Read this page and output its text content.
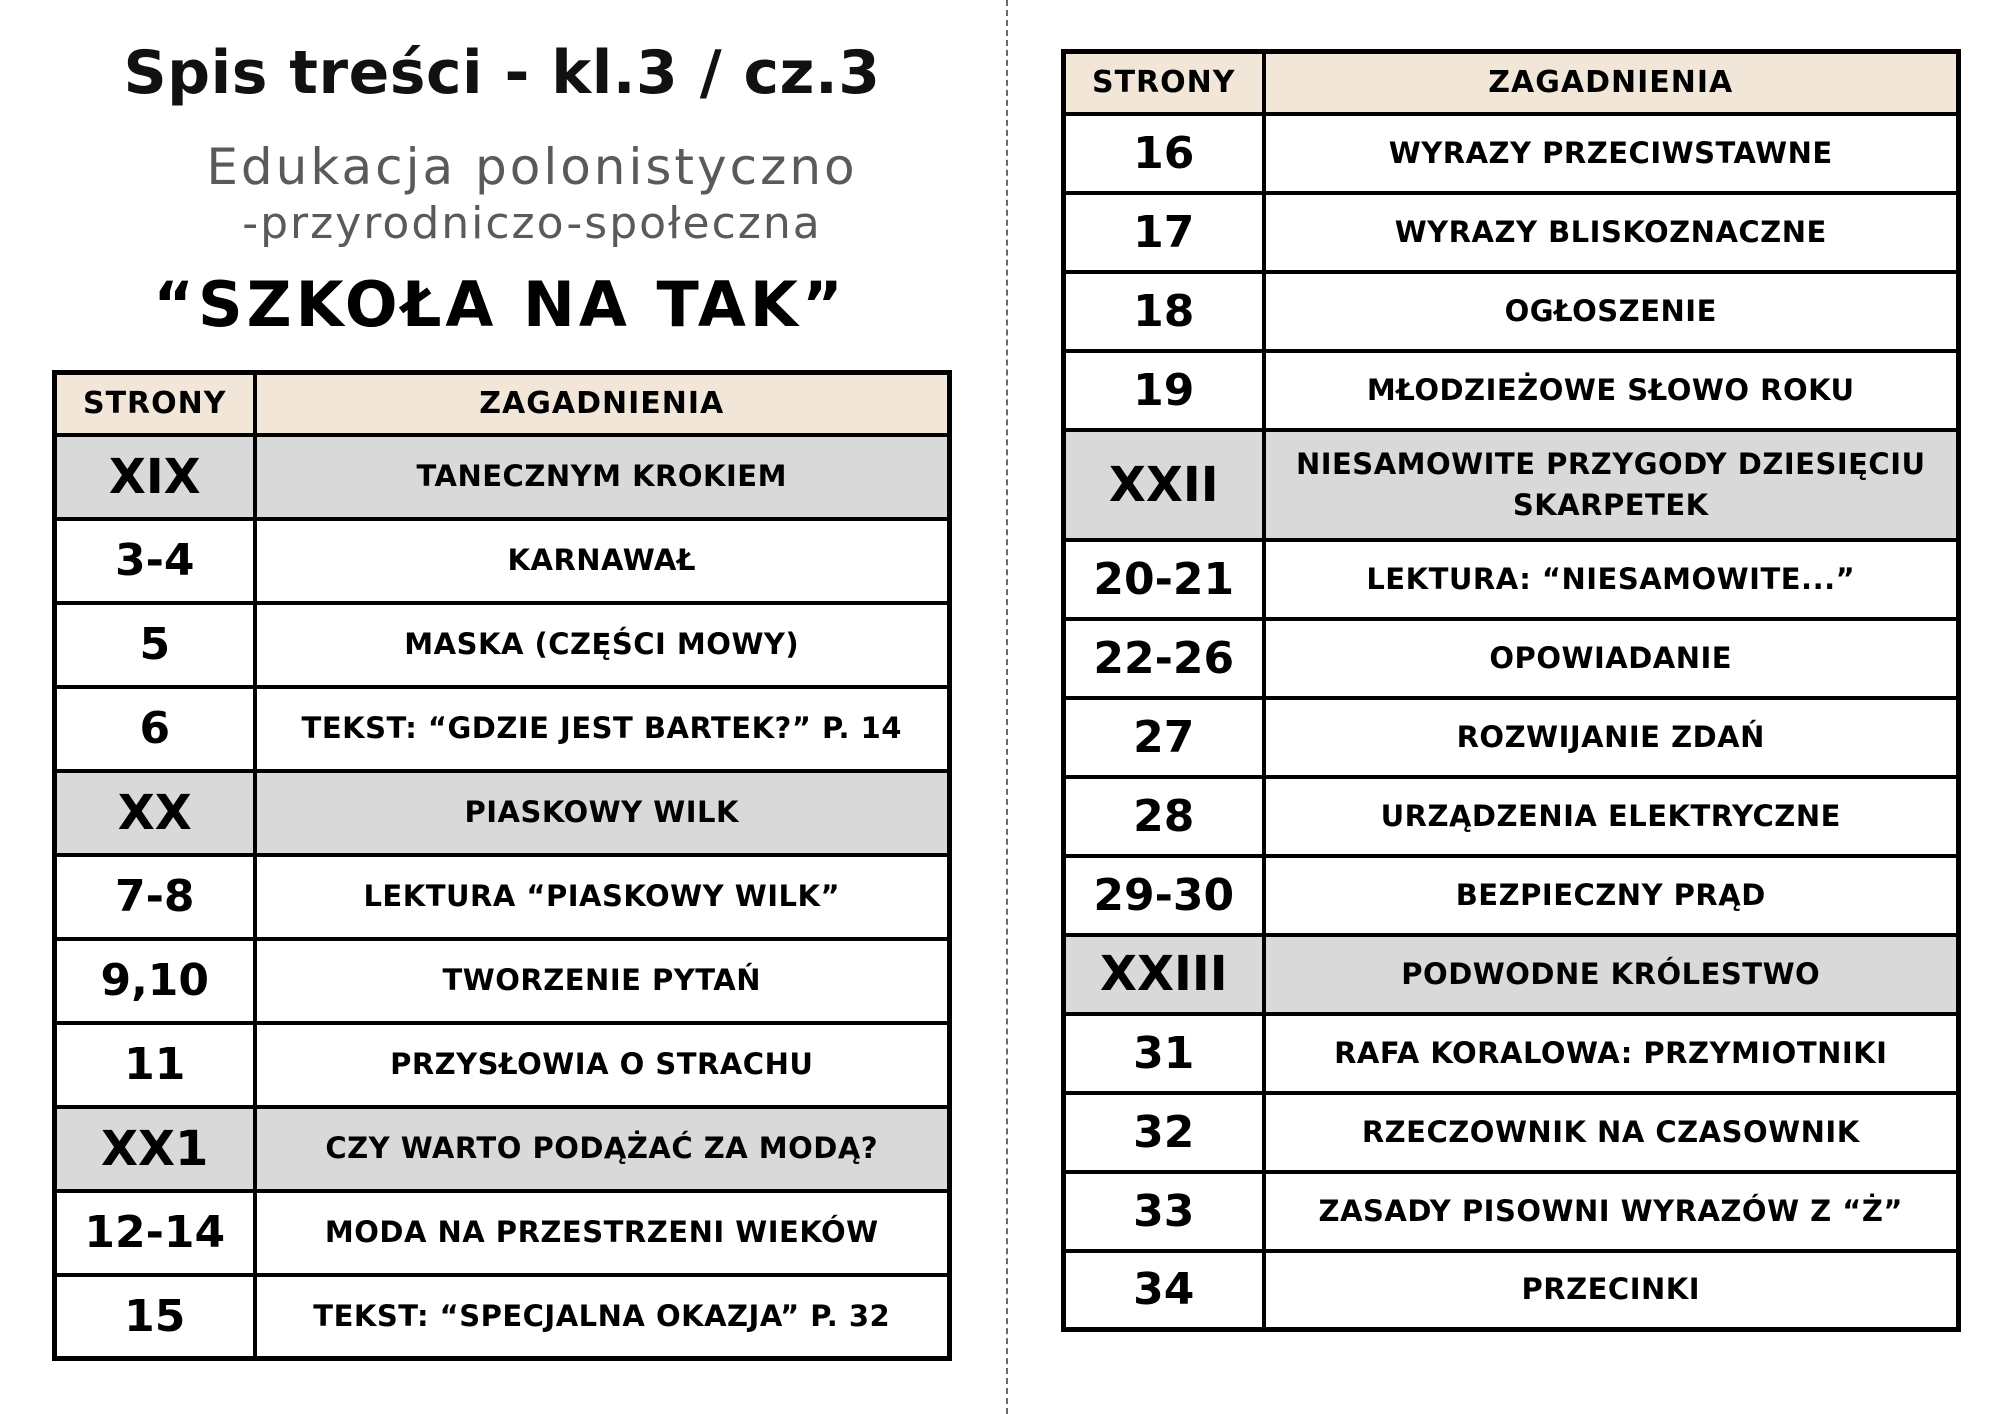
Spis treści - kl.3 / cz.3
Edukacja polonistyczno
-przyrodniczo-społeczna
“SZKOŁA NA TAK”
STRONY	ZAGADNIENIA
XIX	TANECZNYM KROKIEM
3-4	KARNAWAŁ
5	MASKA (CZĘŚCI MOWY)
6	TEKST: “GDZIE JEST BARTEK?” P. 14
XX	PIASKOWY WILK
7-8	LEKTURA “PIASKOWY WILK”
9,10	TWORZENIE PYTAŃ
11	PRZYSŁOWIA O STRACHU
XX1	CZY WARTO PODĄŻAĆ ZA MODĄ?
12-14	MODA NA PRZESTRZENI WIEKÓW
15	TEKST: “SPECJALNA OKAZJA” P. 32
STRONY	ZAGADNIENIA
16	WYRAZY PRZECIWSTAWNE
17	WYRAZY BLISKOZNACZNE
18	OGŁOSZENIE
19	MŁODZIEŻOWE SŁOWO ROKU
XXII	NIESAMOWITE PRZYGODY DZIESIĘCIU SKARPETEK
20-21	LEKTURA: “NIESAMOWITE...”
22-26	OPOWIADANIE
27	ROZWIJANIE ZDAŃ
28	URZĄDZENIA ELEKTRYCZNE
29-30	BEZPIECZNY PRĄD
XXIII	PODWODNE KRÓLESTWO
31	RAFA KORALOWA: PRZYMIOTNIKI
32	RZECZOWNIK NA CZASOWNIK
33	ZASADY PISOWNI WYRAZÓW Z “Ż”
34	PRZECINKI
